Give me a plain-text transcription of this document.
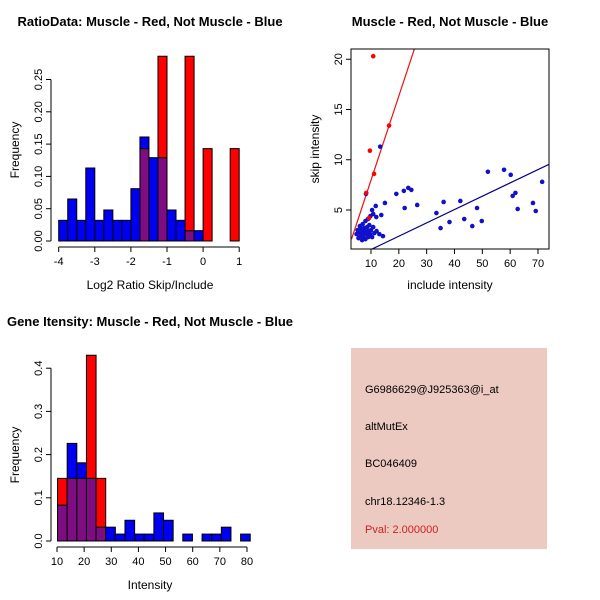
RatioData: Muscle - Red, Not Muscle - Blue
-4 -3 -2 -1	0	1
0.00
0.05
0.10
0.15
0.20
0.25
Log2 Ratio Skip/Include
Frequency
Muscle - Red, Not Muscle - Blue
10 20 30 40 50 60 70
5
10
15
20
include intensity
skip intensity
Gene Itensity: Muscle - Red, Not Muscle - Blue
10 20 30 40 50 60 70 80
0.0
0.1
0.2
0.3
0.4
Intensity
Frequency
G6986629@J925363@i_at
altMutEx
BC046409
chr18.12346-1.3
Pval: 2.000000
